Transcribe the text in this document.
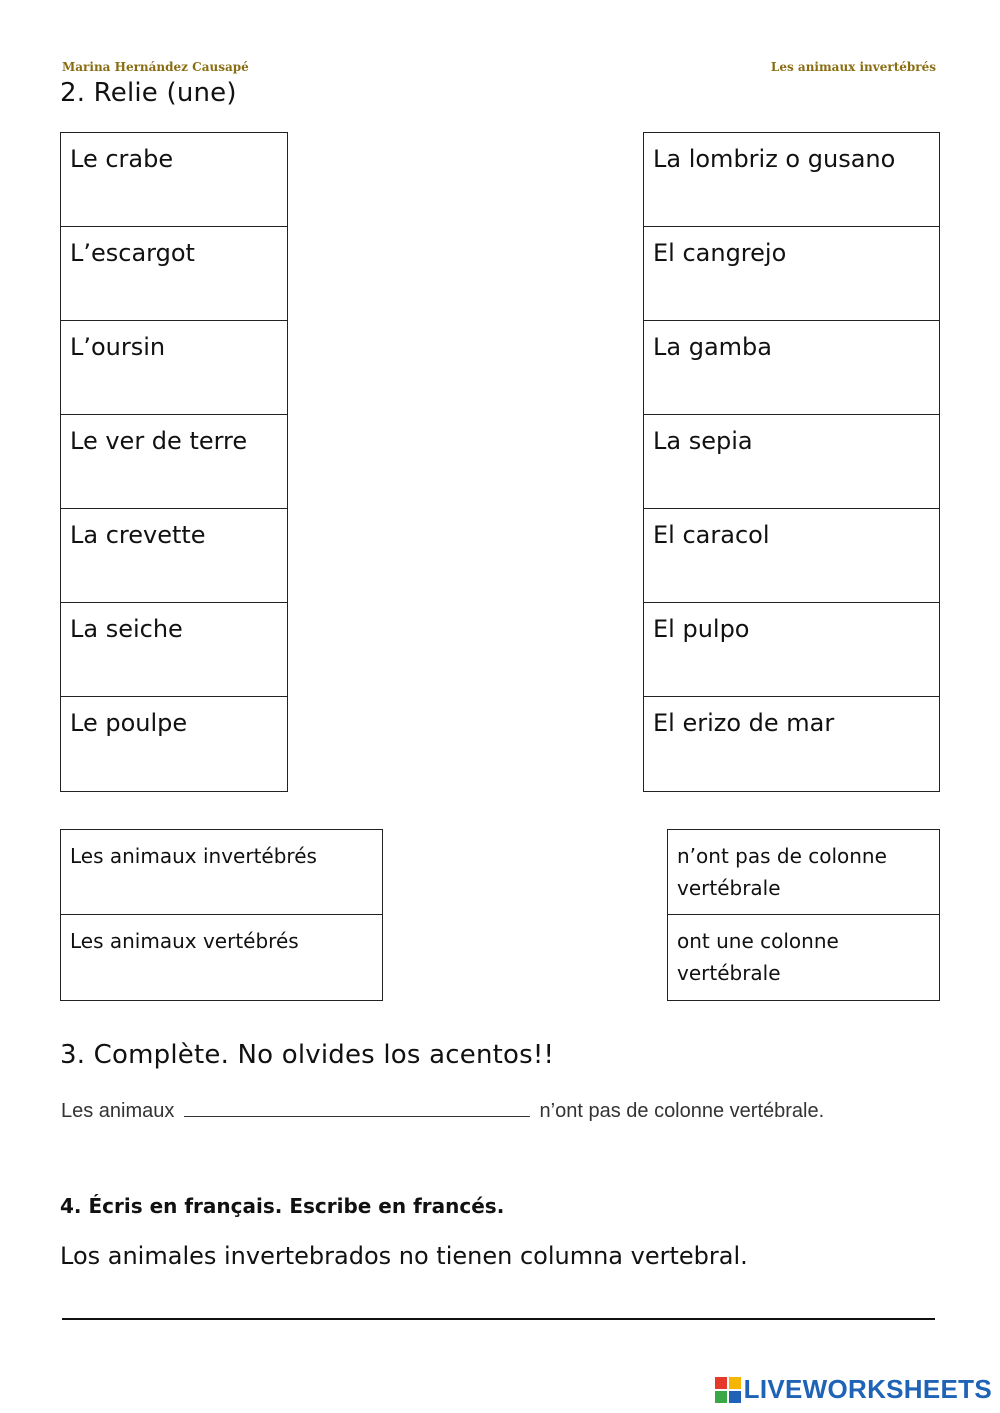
Marina Hernández Causapé	Les animaux invertébrés
2. Relie (une)
Le crabe
L’escargot
L’oursin
Le ver de terre
La crevette
La seiche
Le poulpe
La lombriz o gusano
El cangrejo
La gamba
La sepia
El caracol
El pulpo
El erizo de mar
Les animaux invertébrés
Les animaux vertébrés
n’ont pas de colonne vertébrale
ont une colonne vertébrale
3. Complète. No olvides los acentos!!
Les animaux	n’ont pas de colonne vertébrale.
4. Écris en français. Escribe en francés.
Los animales invertebrados no tienen columna vertebral.
LIVEWORKSHEETS
